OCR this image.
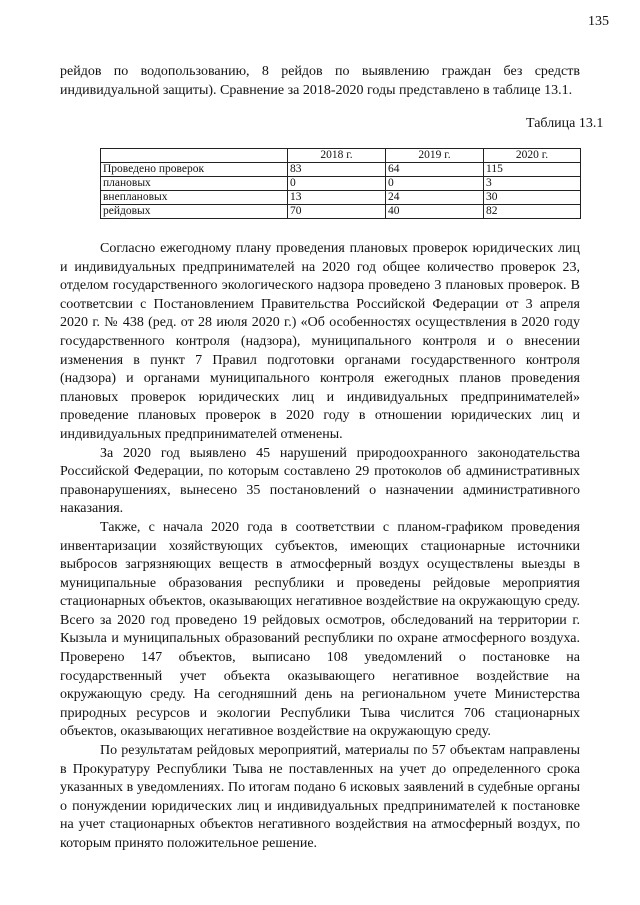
135

рейдов по водопользованию, 8 рейдов по выявлению граждан без средств индивидуальной защиты). Сравнение за 2018-2020 годы представлено в таблице 13.1.

Таблица 13.1
	2018 г.	2019 г.	2020 г.
Проведено проверок	83	64	115
плановых	0	0	3
внеплановых	13	24	30
рейдовых	70	40	82

Согласно ежегодному плану проведения плановых проверок юридических лиц и индивидуальных предпринимателей на 2020 год общее количество проверок 23, отделом государственного экологического надзора проведено 3 плановых проверок. В соответсвии с Постановлением Правительства Российской Федерации от 3 апреля 2020 г. № 438 (ред. от 28 июля 2020 г.) «Об особенностях осуществления в 2020 году государственного контроля (надзора), муниципального контроля и о внесении изменения в пункт 7 Правил подготовки органами государственного контроля (надзора) и органами муниципального контроля ежегодных планов проведения плановых проверок юридических лиц и индивидуальных предпринимателей» проведение плановых проверок в 2020 году в отношении юридических лиц и индивидуальных предпринимателей отменены.

За 2020 год выявлено 45 нарушений природоохранного законодательства Российской Федерации, по которым составлено 29 протоколов об административных правонарушениях, вынесено 35 постановлений о назначении административного наказания.

Также, с начала 2020 года в соответствии с планом-графиком проведения инвентаризации хозяйствующих субъектов, имеющих стационарные источники выбросов загрязняющих веществ в атмосферный воздух осуществлены выезды в муниципальные образования республики и проведены рейдовые мероприятия стационарных объектов, оказывающих негативное воздействие на окружающую среду. Всего за 2020 год проведено 19 рейдовых осмотров, обследований на территории г. Кызыла и муниципальных образований республики по охране атмосферного воздуха. Проверено 147 объектов, выписано 108 уведомлений о постановке на государственный учет объекта оказывающего негативное воздействие на окружающую среду. На сегодняшний день на региональном учете Министерства природных ресурсов и экологии Республики Тыва числится 706 стационарных объектов, оказывающих негативное воздействие на окружающую среду.

По результатам рейдовых мероприятий, материалы по 57 объектам направлены в Прокуратуру Республики Тыва не поставленных на учет до определенного срока указанных в уведомлениях. По итогам подано 6 исковых заявлений в судебные органы о понуждении юридических лиц и индивидуальных предпринимателей к постановке на учет стационарных объектов негативного воздействия на атмосферный воздух, по которым принято положительное решение.
